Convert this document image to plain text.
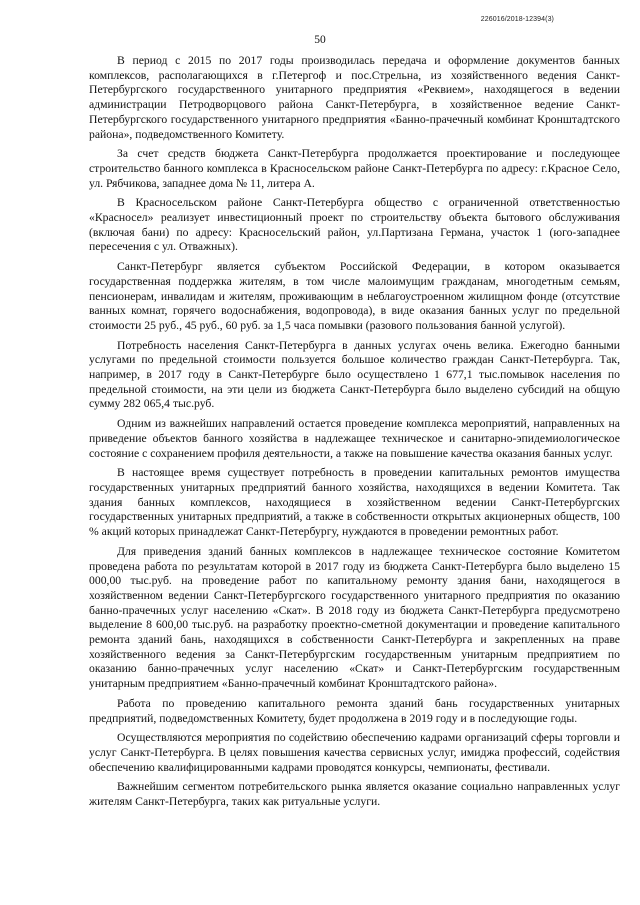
226016/2018-12394(3)
50

В период с 2015 по 2017 годы производилась передача и оформление документов банных комплексов, располагающихся в г.Петергоф и пос.Стрельна, из хозяйственного ведения Санкт-Петербургского государственного унитарного предприятия «Реквием», находящегося в ведении администрации Петродворцового района Санкт-Петербурга, в хозяйственное ведение Санкт-Петербургского государственного унитарного предприятия «Банно-прачечный комбинат Кронштадтского района», подведомственного Комитету.

За счет средств бюджета Санкт-Петербурга продолжается проектирование и последующее строительство банного комплекса в Красносельском районе Санкт-Петербурга по адресу: г.Красное Село, ул. Рябчикова, западнее дома № 11, литера А.

В Красносельском районе Санкт-Петербурга общество с ограниченной ответственностью «Красносел» реализует инвестиционный проект по строительству объекта бытового обслуживания (включая бани) по адресу: Красносельский район, ул.Партизана Германа, участок 1 (юго-западнее пересечения с ул. Отважных).

Санкт-Петербург является субъектом Российской Федерации, в котором оказывается государственная поддержка жителям, в том числе малоимущим гражданам, многодетным семьям, пенсионерам, инвалидам и жителям, проживающим в неблагоустроенном жилищном фонде (отсутствие ванных комнат, горячего водоснабжения, водопровода), в виде оказания банных услуг по предельной стоимости 25 руб., 45 руб., 60 руб. за 1,5 часа помывки (разового пользования банной услугой).

Потребность населения Санкт-Петербурга в данных услугах очень велика. Ежегодно банными услугами по предельной стоимости пользуется большое количество граждан Санкт-Петербурга. Так, например, в 2017 году в Санкт-Петербурге было осуществлено 1 677,1 тыс.помывок населения по предельной стоимости, на эти цели из бюджета Санкт-Петербурга было выделено субсидий на общую сумму 282 065,4 тыс.руб.

Одним из важнейших направлений остается проведение комплекса мероприятий, направленных на приведение объектов банного хозяйства в надлежащее техническое и санитарно-эпидемиологическое состояние с сохранением профиля деятельности, а также на повышение качества оказания банных услуг.

В настоящее время существует потребность в проведении капитальных ремонтов имущества государственных унитарных предприятий банного хозяйства, находящихся в ведении Комитета. Так здания банных комплексов, находящиеся в хозяйственном ведении Санкт-Петербургских государственных унитарных предприятий, а также в собственности открытых акционерных обществ, 100 % акций которых принадлежат Санкт-Петербургу, нуждаются в проведении ремонтных работ.

Для приведения зданий банных комплексов в надлежащее техническое состояние Комитетом проведена работа по результатам которой в 2017 году из бюджета Санкт-Петербурга было выделено 15 000,00 тыс.руб. на проведение работ по капитальному ремонту здания бани, находящегося в хозяйственном ведении Санкт-Петербургского государственного унитарного предприятия по оказанию банно-прачечных услуг населению «Скат». В 2018 году из бюджета Санкт-Петербурга предусмотрено выделение 8 600,00 тыс.руб. на разработку проектно-сметной документации и проведение капитального ремонта зданий бань, находящихся в собственности Санкт-Петербурга и закрепленных на праве хозяйственного ведения за Санкт-Петербургским государственным унитарным предприятием по оказанию банно-прачечных услуг населению «Скат» и Санкт-Петербургским государственным унитарным предприятием «Банно-прачечный комбинат Кронштадтского района».

Работа по проведению капитального ремонта зданий бань государственных унитарных предприятий, подведомственных Комитету, будет продолжена в 2019 году и в последующие годы.

Осуществляются мероприятия по содействию обеспечению кадрами организаций сферы торговли и услуг Санкт-Петербурга. В целях повышения качества сервисных услуг, имиджа профессий, содействия обеспечению квалифицированными кадрами проводятся конкурсы, чемпионаты, фестивали.

Важнейшим сегментом потребительского рынка является оказание социально направленных услуг жителям Санкт-Петербурга, таких как ритуальные услуги.
